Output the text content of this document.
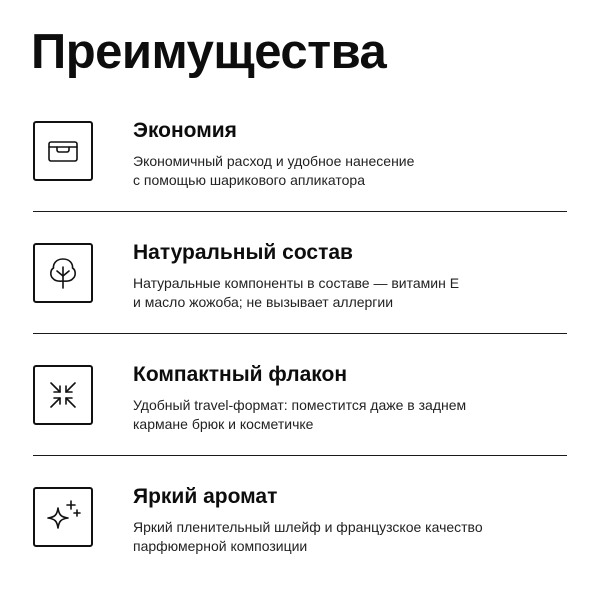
Преимущества
Экономия

Экономичный расход и удобное нанесение
с помощью шарикового апликатора

Натуральный состав

Натуральные компоненты в составе — витамин E
и масло жожоба; не вызывает аллергии

Компактный флакон

Удобный travel-формат: поместится даже в заднем
кармане брюк и косметичке

Яркий аромат

Яркий пленительный шлейф и французское качество
парфюмерной композиции
